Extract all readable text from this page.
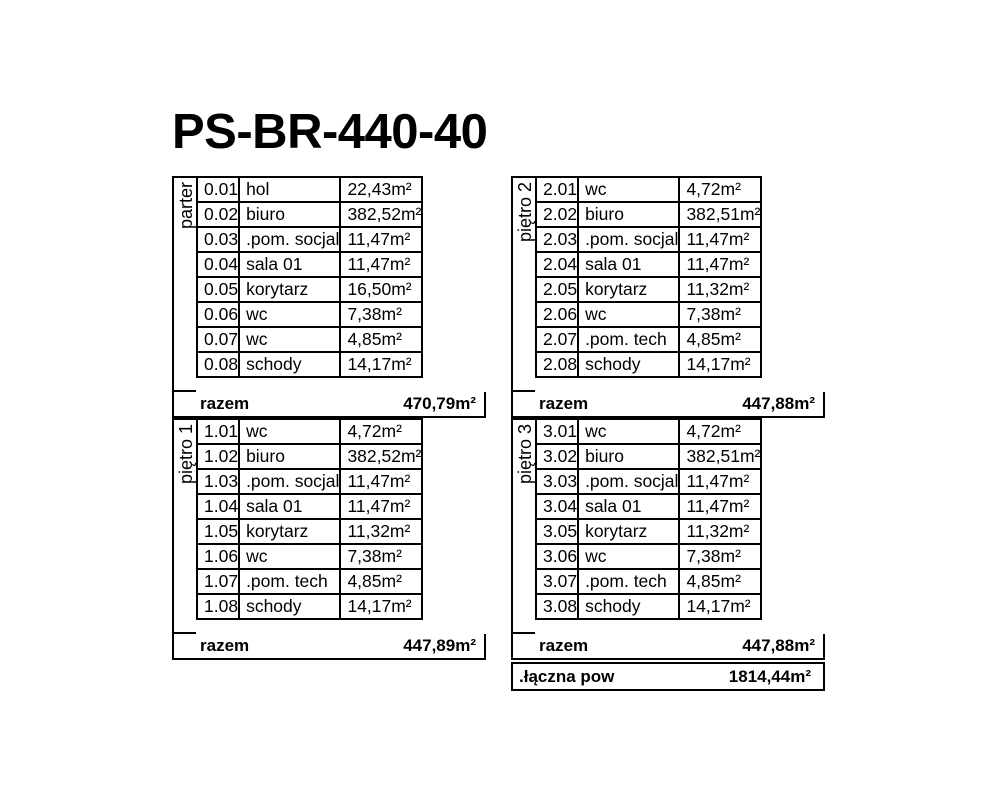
PS-BR-440-40
parter 0.01	hol	22,43m²
0.02	biuro	382,52m²
0.03	.pom. socjal	11,47m²
0.04	sala 01	11,47m²
0.05	korytarz	16,50m²
0.06	wc	7,38m²
0.07	wc	4,85m²
0.08	schody	14,17m²
razem	470,79m²
piętro 1 1.01	wc	4,72m²
1.02	biuro	382,52m²
1.03	.pom. socjal	11,47m²
1.04	sala 01	11,47m²
1.05	korytarz	11,32m²
1.06	wc	7,38m²
1.07	.pom. tech	4,85m²
1.08	schody	14,17m²
razem	447,89m²
piętro 2 2.01	wc	4,72m²
2.02	biuro	382,51m²
2.03	.pom. socjal	11,47m²
2.04	sala 01	11,47m²
2.05	korytarz	11,32m²
2.06	wc	7,38m²
2.07	.pom. tech	4,85m²
2.08	schody	14,17m²
razem	447,88m²
piętro 3 3.01	wc	4,72m²
3.02	biuro	382,51m²
3.03	.pom. socjal	11,47m²
3.04	sala 01	11,47m²
3.05	korytarz	11,32m²
3.06	wc	7,38m²
3.07	.pom. tech	4,85m²
3.08	schody	14,17m²
razem	447,88m²
.łączna pow	1814,44m²
